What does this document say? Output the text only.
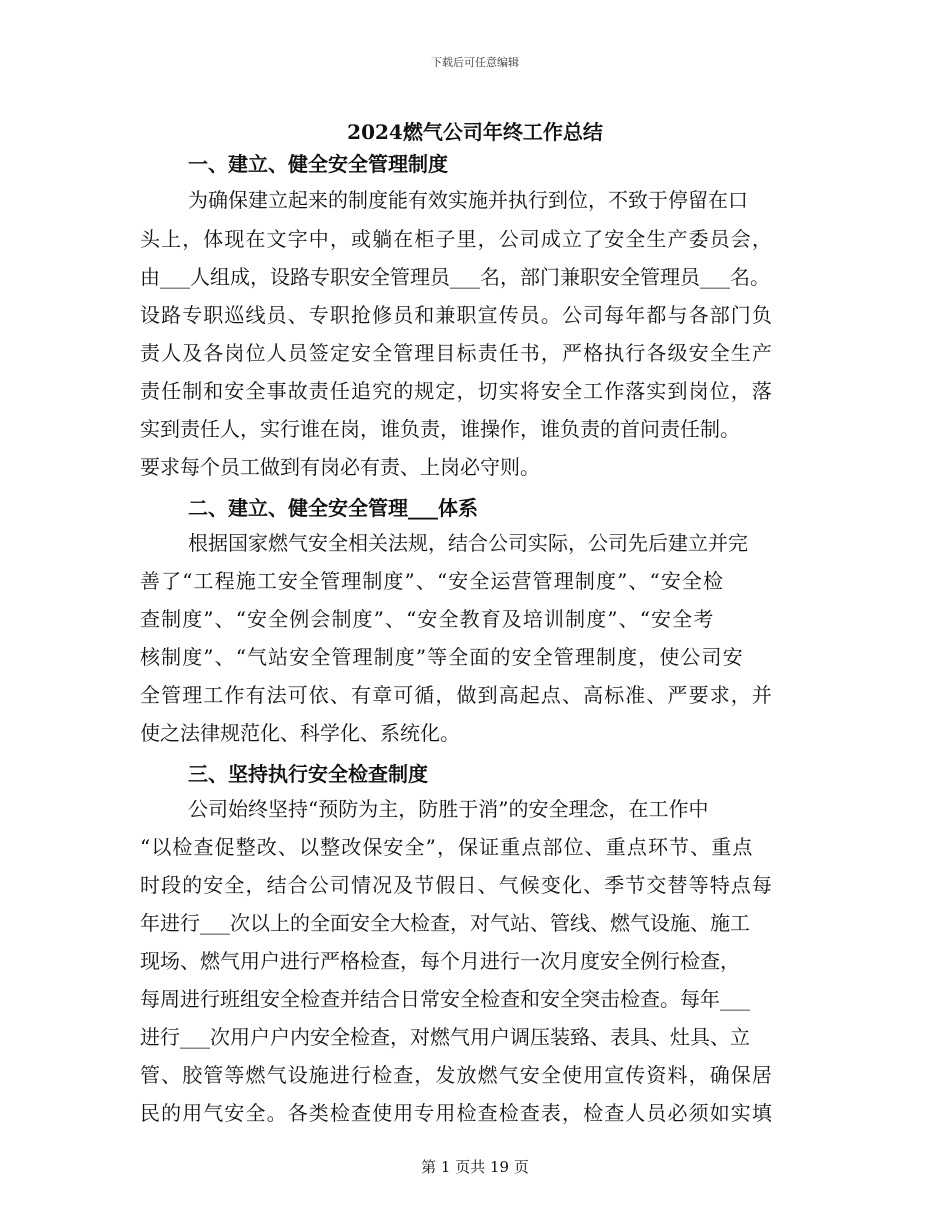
下载后可任意编辑
2024燃气公司年终工作总结
一、建立、健全安全管理制度
为确保建立起来的制度能有效实施并执行到位，不致于停留在口
头上，体现在文字中，或躺在柜子里，公司成立了安全生产委员会，
由___人组成，设路专职安全管理员___名，部门兼职安全管理员___名。
设路专职巡线员、专职抢修员和兼职宣传员。公司每年都与各部门负
责人及各岗位人员签定安全管理目标责任书，严格执行各级安全生产
责任制和安全事故责任追究的规定，切实将安全工作落实到岗位，落
实到责任人，实行谁在岗，谁负责，谁操作，谁负责的首问责任制。
要求每个员工做到有岗必有责、上岗必守则。
二、建立、健全安全管理___体系
根据国家燃气安全相关法规，结合公司实际，公司先后建立并完
善了“工程施工安全管理制度”、“安全运营管理制度”、“安全检
查制度”、“安全例会制度”、“安全教育及培训制度”、“安全考
核制度”、“气站安全管理制度”等全面的安全管理制度，使公司安
全管理工作有法可依、有章可循，做到高起点、高标准、严要求，并
使之法律规范化、科学化、系统化。
三、坚持执行安全检查制度
公司始终坚持“预防为主，防胜于消”的安全理念，在工作中
“以检查促整改、以整改保安全”，保证重点部位、重点环节、重点
时段的安全，结合公司情况及节假日、气候变化、季节交替等特点每
年进行___次以上的全面安全大检查，对气站、管线、燃气设施、施工
现场、燃气用户进行严格检查，每个月进行一次月度安全例行检查，
每周进行班组安全检查并结合日常安全检查和安全突击检查。每年___
进行___次用户户内安全检查，对燃气用户调压装臵、表具、灶具、立
管、胶管等燃气设施进行检查，发放燃气安全使用宣传资料，确保居
民的用气安全。各类检查使用专用检查检查表，检查人员必须如实填
第 1 页共 19 页
